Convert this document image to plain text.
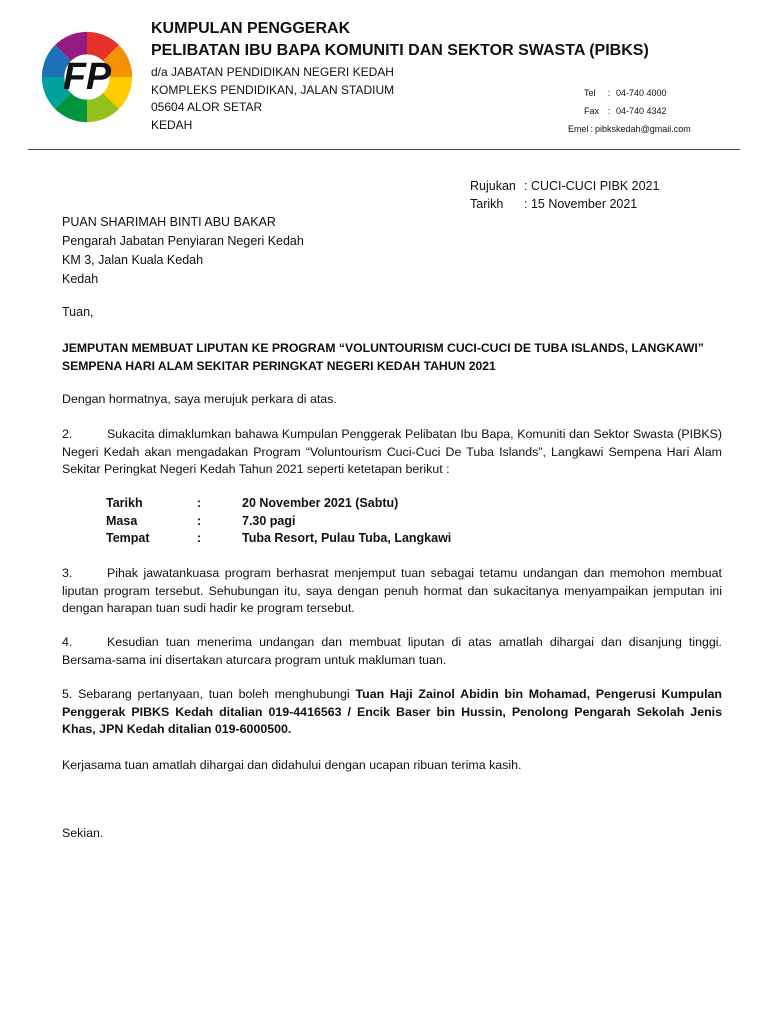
FP
KUMPULAN PENGGERAK
PELIBATAN IBU BAPA KOMUNITI DAN SEKTOR SWASTA (PIBKS)
d/a JABATAN PENDIDIKAN NEGERI KEDAH
KOMPLEKS PENDIDIKAN, JALAN STADIUM
05604 ALOR SETAR
KEDAH
Tel	: 04-740 4000
Fax : 04-740 4342
Emel : pibkskedah@gmail.com
Rujukan : CUCI-CUCI PIBK 2021
Tarikh	: 15 November 2021
PUAN SHARIMAH BINTI ABU BAKAR
Pengarah Jabatan Penyiaran Negeri Kedah
KM 3, Jalan Kuala Kedah
Kedah
Tuan,
JEMPUTAN MEMBUAT LIPUTAN KE PROGRAM “VOLUNTOURISM CUCI-CUCI DE TUBA ISLANDS, LANGKAWI”
SEMPENA HARI ALAM SEKITAR PERINGKAT NEGERI KEDAH TAHUN 2021
Dengan hormatnya, saya merujuk perkara di atas.
2.	Sukacita dimaklumkan bahawa Kumpulan Penggerak Pelibatan Ibu Bapa, Komuniti dan Sektor Swasta (PIBKS) Negeri Kedah akan mengadakan Program “Voluntourism Cuci-Cuci De Tuba Islands”, Langkawi Sempena Hari Alam Sekitar Peringkat Negeri Kedah Tahun 2021 seperti ketetapan berikut :
Tarikh	:	20 November 2021 (Sabtu)
Masa	:	7.30 pagi
Tempat	:	Tuba Resort, Pulau Tuba, Langkawi
3.	Pihak jawatankuasa program berhasrat menjemput tuan sebagai tetamu undangan dan memohon membuat liputan program tersebut. Sehubungan itu, saya dengan penuh hormat dan sukacitanya menyampaikan jemputan ini dengan harapan tuan sudi hadir ke program tersebut.
4.	Kesudian tuan menerima undangan dan membuat liputan di atas amatlah dihargai dan disanjung tinggi. Bersama-sama ini disertakan aturcara program untuk makluman tuan.
5. Sebarang pertanyaan, tuan boleh menghubungi Tuan Haji Zainol Abidin bin Mohamad, Pengerusi Kumpulan Penggerak PIBKS Kedah ditalian 019-4416563 / Encik Baser bin Hussin, Penolong Pengarah Sekolah Jenis Khas, JPN Kedah ditalian 019-6000500.
Kerjasama tuan amatlah dihargai dan didahului dengan ucapan ribuan terima kasih.
Sekian.
